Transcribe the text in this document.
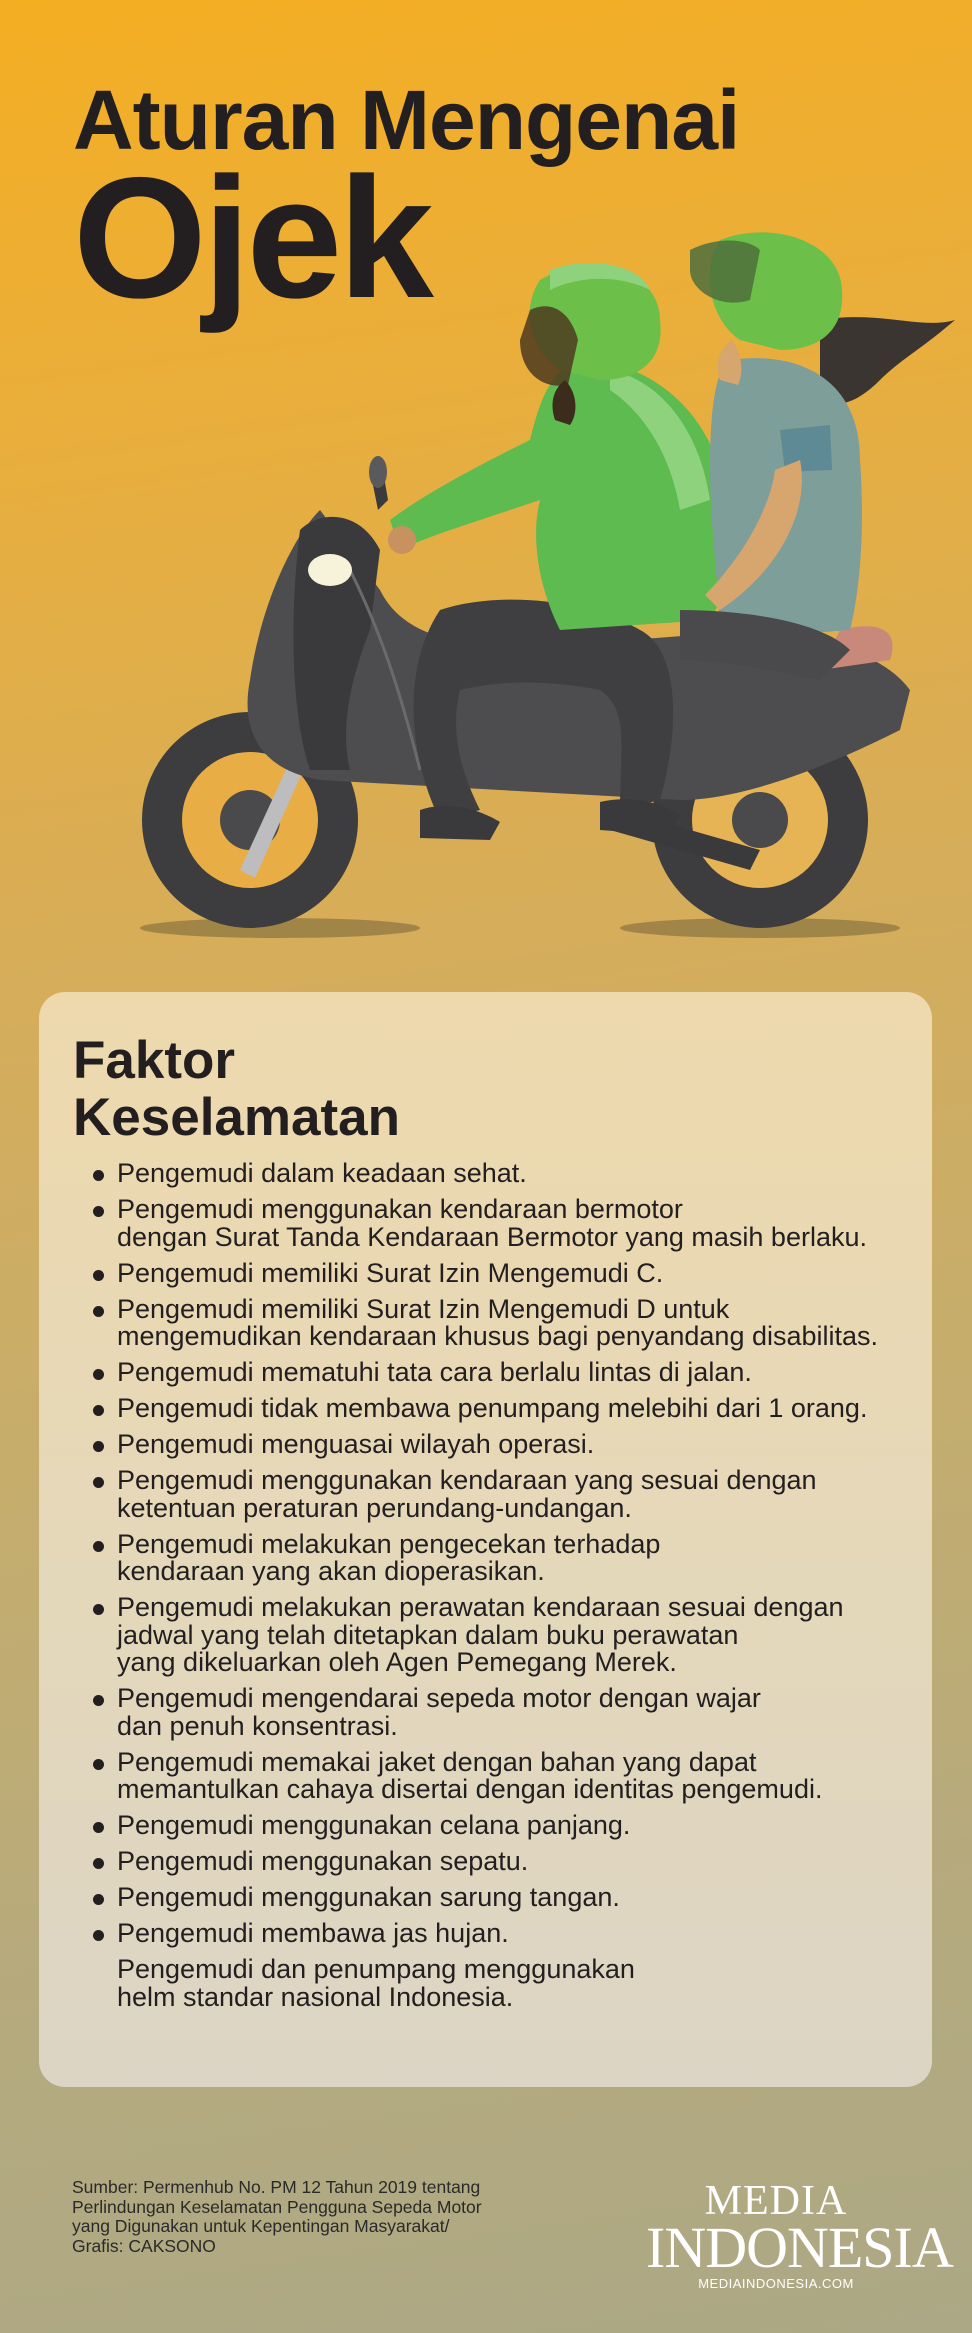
Aturan Mengenai
Ojek
Faktor
Keselamatan
Pengemudi dalam keadaan sehat.
Pengemudi menggunakan kendaraan bermotor
dengan Surat Tanda Kendaraan Bermotor yang masih berlaku.
Pengemudi memiliki Surat Izin Mengemudi C.
Pengemudi memiliki Surat Izin Mengemudi D untuk
mengemudikan kendaraan khusus bagi penyandang disabilitas.
Pengemudi mematuhi tata cara berlalu lintas di jalan.
Pengemudi tidak membawa penumpang melebihi dari 1 orang.
Pengemudi menguasai wilayah operasi.
Pengemudi menggunakan kendaraan yang sesuai dengan
ketentuan peraturan perundang-undangan.
Pengemudi melakukan pengecekan terhadap
kendaraan yang akan dioperasikan.
Pengemudi melakukan perawatan kendaraan sesuai dengan
jadwal yang telah ditetapkan dalam buku perawatan
yang dikeluarkan oleh Agen Pemegang Merek.
Pengemudi mengendarai sepeda motor dengan wajar
dan penuh konsentrasi.
Pengemudi memakai jaket dengan bahan yang dapat
memantulkan cahaya disertai dengan identitas pengemudi.
Pengemudi menggunakan celana panjang.
Pengemudi menggunakan sepatu.
Pengemudi menggunakan sarung tangan.
Pengemudi membawa jas hujan.
Pengemudi dan penumpang menggunakan
helm standar nasional Indonesia.
Sumber: Permenhub No. PM 12 Tahun 2019 tentang
Perlindungan Keselamatan Pengguna Sepeda Motor
yang Digunakan untuk Kepentingan Masyarakat/
Grafis: CAKSONO
MEDIA
INDONESIA
MEDIAINDONESIA.COM
